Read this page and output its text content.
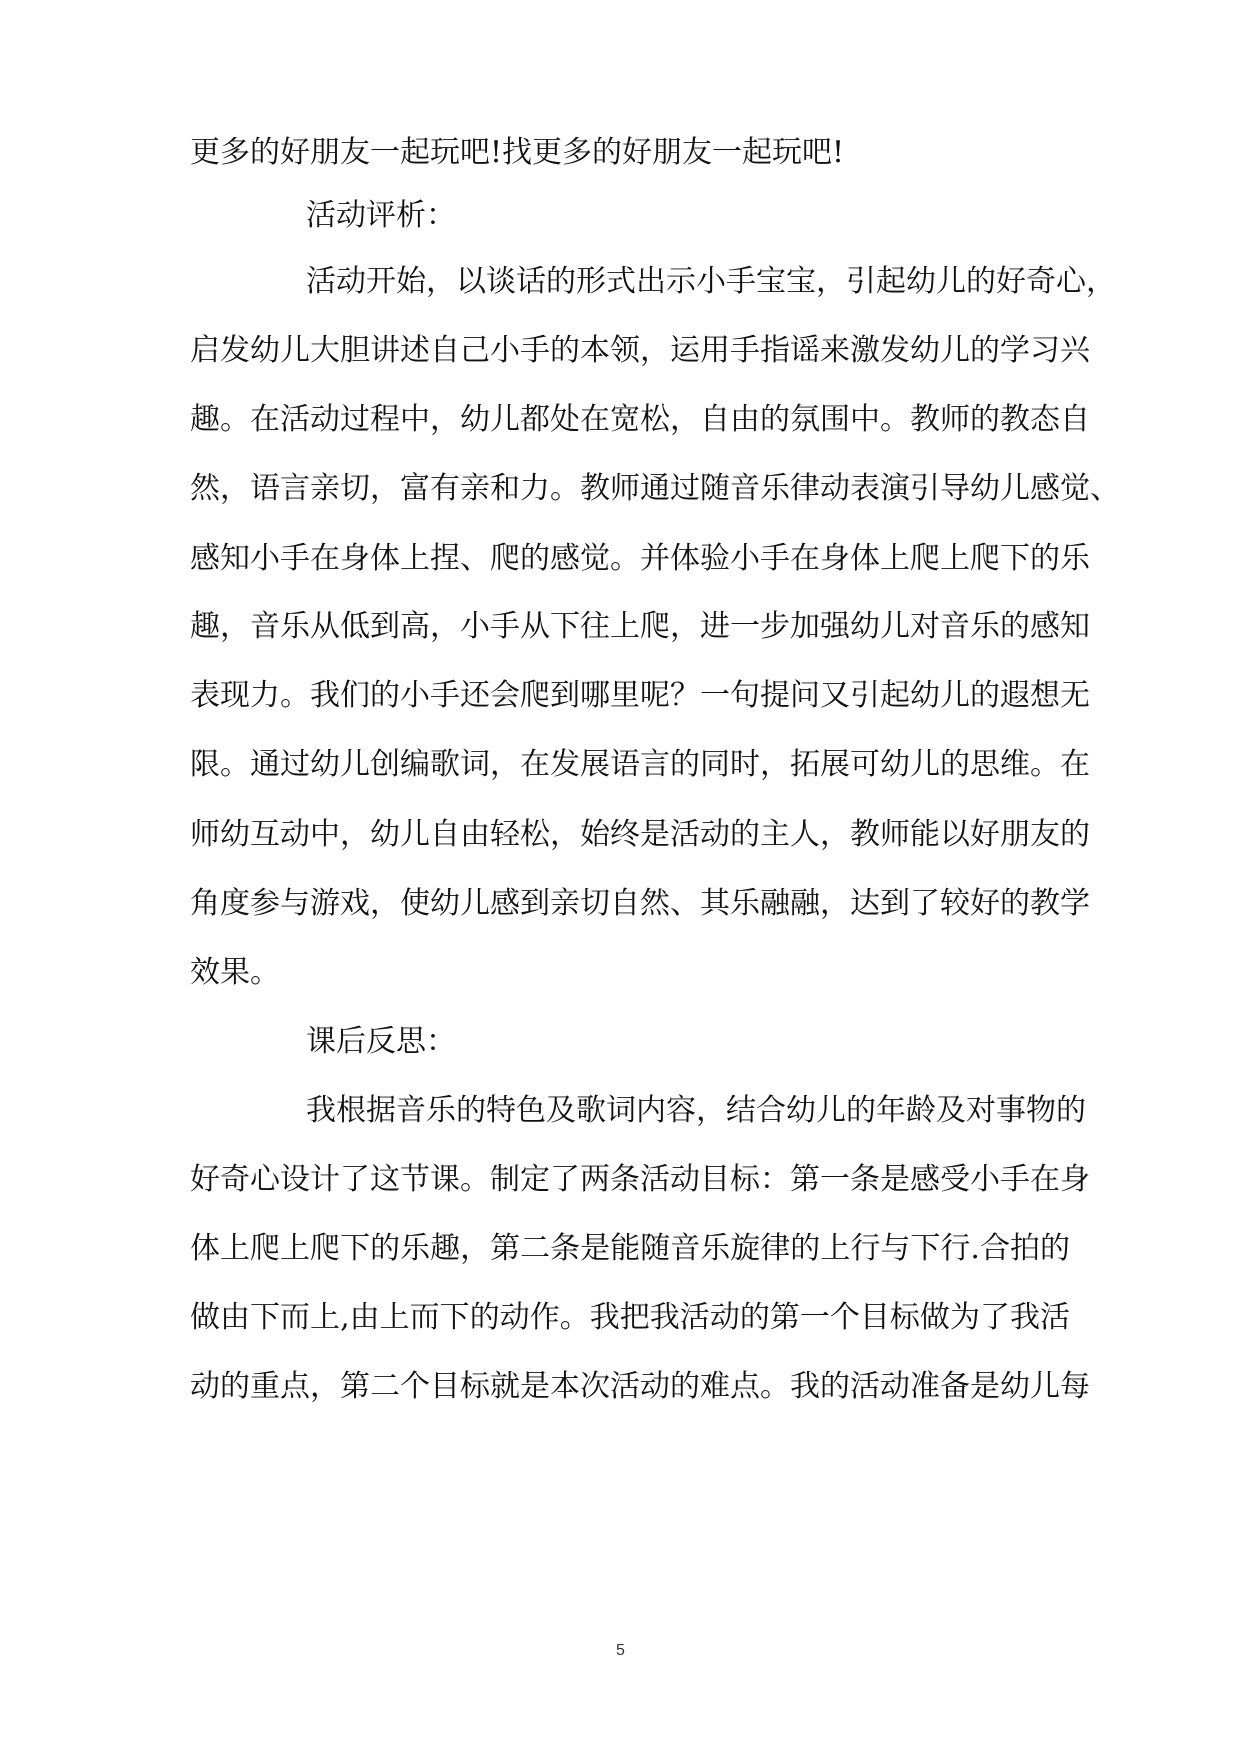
更多的好朋友一起玩吧!找更多的好朋友一起玩吧!
活动评析：
活动开始，以谈话的形式出示小手宝宝，引起幼儿的好奇心，
启发幼儿大胆讲述自己小手的本领，运用手指谣来激发幼儿的学习兴
趣。在活动过程中，幼儿都处在宽松，自由的氛围中。教师的教态自
然，语言亲切，富有亲和力。教师通过随音乐律动表演引导幼儿感觉、
感知小手在身体上捏、爬的感觉。并体验小手在身体上爬上爬下的乐
趣，音乐从低到高，小手从下往上爬，进一步加强幼儿对音乐的感知
表现力。我们的小手还会爬到哪里呢？一句提问又引起幼儿的遐想无
限。通过幼儿创编歌词，在发展语言的同时，拓展可幼儿的思维。在
师幼互动中，幼儿自由轻松，始终是活动的主人，教师能以好朋友的
角度参与游戏，使幼儿感到亲切自然、其乐融融，达到了较好的教学
效果。
课后反思：
我根据音乐的特色及歌词内容，结合幼儿的年龄及对事物的
好奇心设计了这节课。制定了两条活动目标：第一条是感受小手在身
体上爬上爬下的乐趣，第二条是能随音乐旋律的上行与下行.合拍的
做由下而上,由上而下的动作。我把我活动的第一个目标做为了我活
动的重点，第二个目标就是本次活动的难点。我的活动准备是幼儿每
5
